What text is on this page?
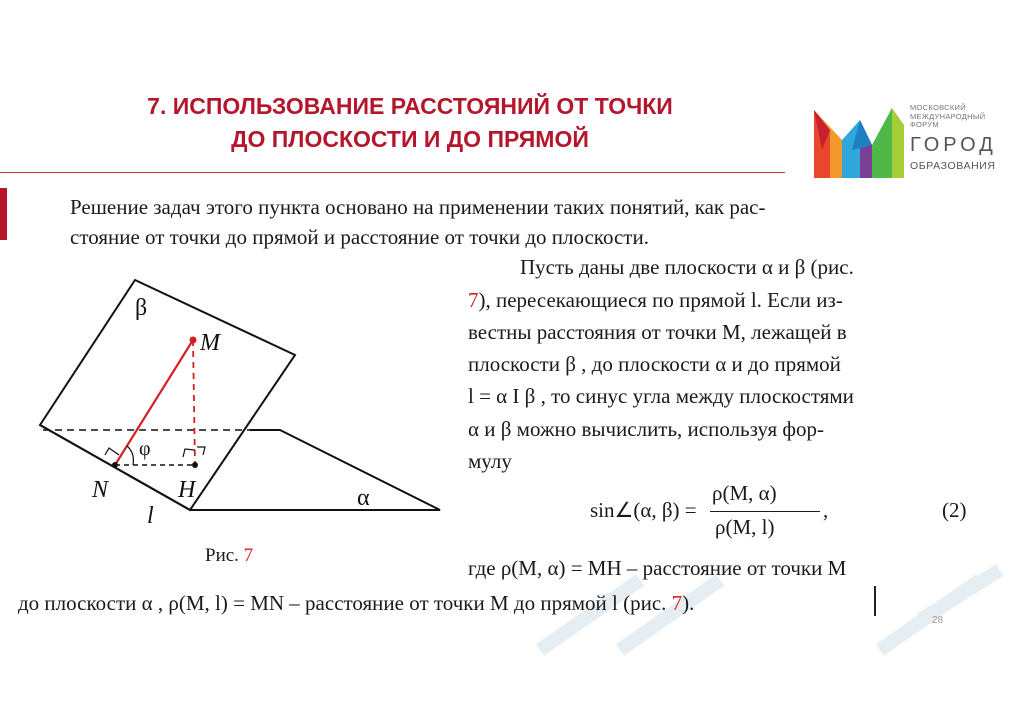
7. ИСПОЛЬЗОВАНИЕ РАССТОЯНИЙ ОТ ТОЧКИ
ДО ПЛОСКОСТИ И ДО ПРЯМОЙ
МОСКОВСКИЙ
МЕЖДУНАРОДНЫЙ
ФОРУМ
ГОРОД
ОБРАЗОВАНИЯ
Решение задач этого пункта основано на применении таких понятий, как рас-
стояние от точки до прямой и расстояние от точки до плоскости.
Пусть даны две плоскости α и β (рис.
7), пересекающиеся по прямой l. Если из-
вестны расстояния от точки M, лежащей в
плоскости β , до плоскости α и до прямой
l = α I β , то синус угла между плоскостями
α и β можно вычислить, используя фор-
мулу
sin∠(α, β) =
ρ(M, α)
ρ(M, l)
,	(2)
где ρ(M, α) = MH – расстояние от точки M
до плоскости α , ρ(M, l) = MN – расстояние от точки M до прямой l (рис. 7).
β
M
φ
N	H
l
α
Рис. 7
28
